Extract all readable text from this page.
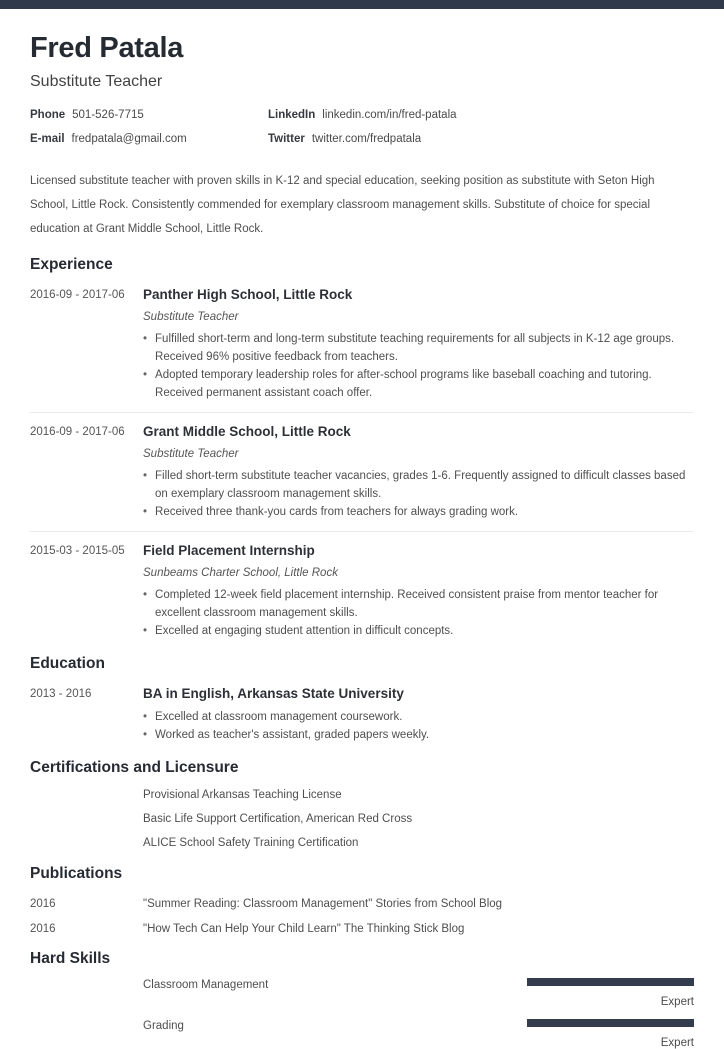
Fred Patala
Substitute Teacher
Phone 501-526-7715	LinkedIn linkedin.com/in/fred-patala
E-mail fredpatala@gmail.com	Twitter twitter.com/fredpatala

Licensed substitute teacher with proven skills in K-12 and special education, seeking position as substitute with Seton High School, Little Rock. Consistently commended for exemplary classroom management skills. Substitute of choice for special education at Grant Middle School, Little Rock.

Experience
2016-09 - 2017-06	Panther High School, Little Rock
Substitute Teacher
•
Fulfilled short-term and long-term substitute teaching requirements for all subjects in K-12 age groups. Received 96% positive feedback from teachers.
•
Adopted temporary leadership roles for after-school programs like baseball coaching and tutoring. Received permanent assistant coach offer.
2016-09 - 2017-06	Grant Middle School, Little Rock
Substitute Teacher
•
Filled short-term substitute teacher vacancies, grades 1-6. Frequently assigned to difficult classes based on exemplary classroom management skills.
•
Received three thank-you cards from teachers for always grading work.
2015-03 - 2015-05	Field Placement Internship
Sunbeams Charter School, Little Rock
•
Completed 12-week field placement internship. Received consistent praise from mentor teacher for excellent classroom management skills.
•
Excelled at engaging student attention in difficult concepts.
Education
2013 - 2016	BA in English, Arkansas State University
•
Excelled at classroom management coursework.
•
Worked as teacher's assistant, graded papers weekly.
Certifications and Licensure
Provisional Arkansas Teaching License
Basic Life Support Certification, American Red Cross
ALICE School Safety Training Certification
Publications
2016	"Summer Reading: Classroom Management" Stories from School Blog
2016	"How Tech Can Help Your Child Learn" The Thinking Stick Blog
Hard Skills
Classroom Management
Expert
Grading
Expert
